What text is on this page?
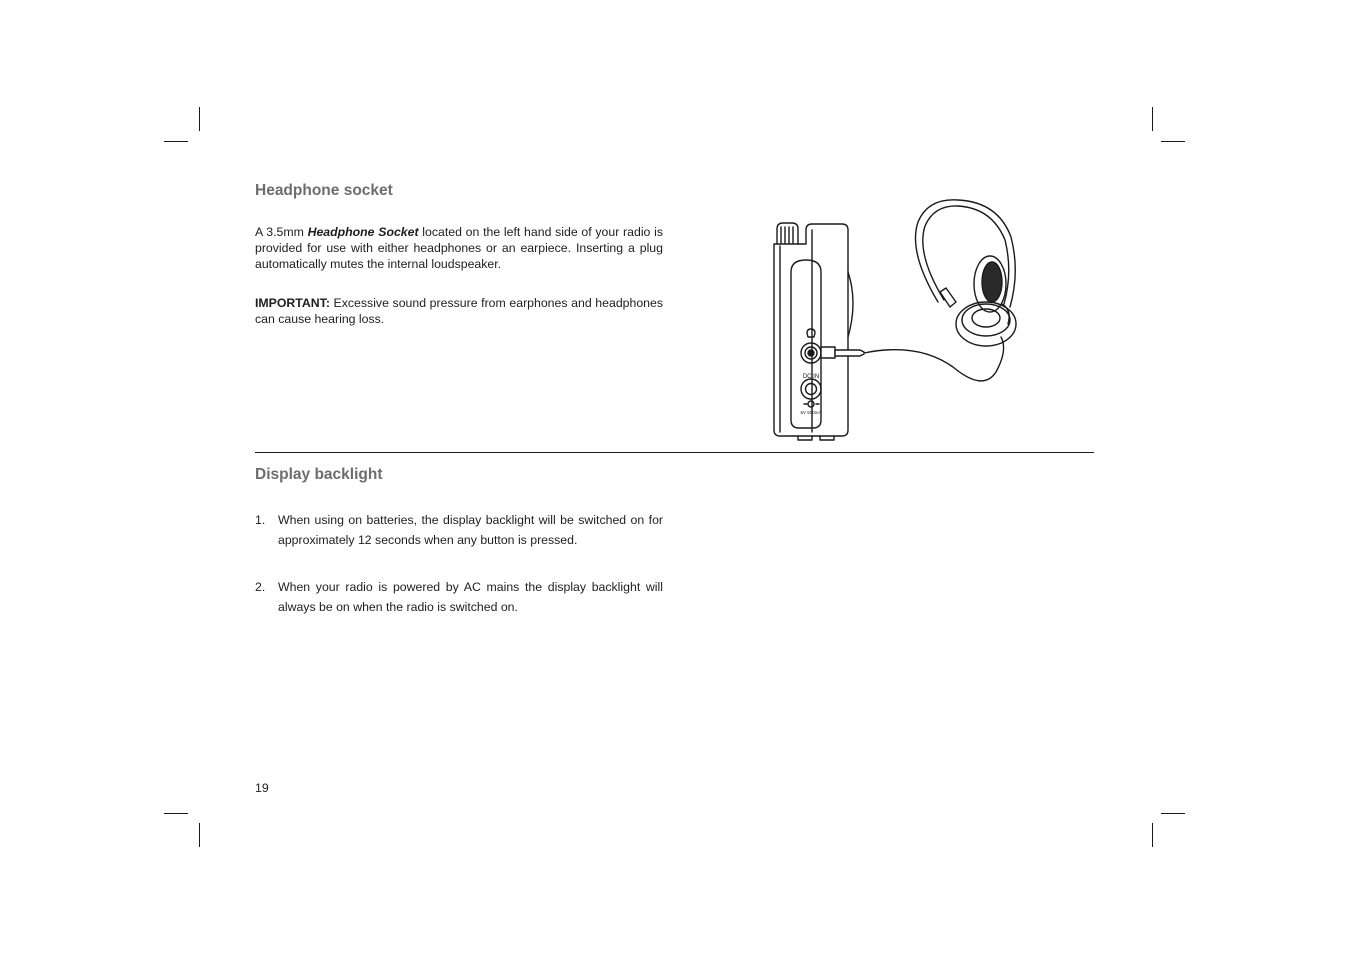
Headphone socket

A 3.5mm Headphone Socket located on the left hand side of your radio is provided for use with either headphones or an earpiece. Inserting a plug automatically mutes the internal loudspeaker.

IMPORTANT: Excessive sound pressure from earphones and headphones can cause hearing loss.

DC IN
6V 500mA
Display backlight
1. When using on batteries, the display backlight will be switched on for approximately 12 seconds when any button is pressed.
2. When your radio is powered by AC mains the display backlight will always be on when the radio is switched on.
19
